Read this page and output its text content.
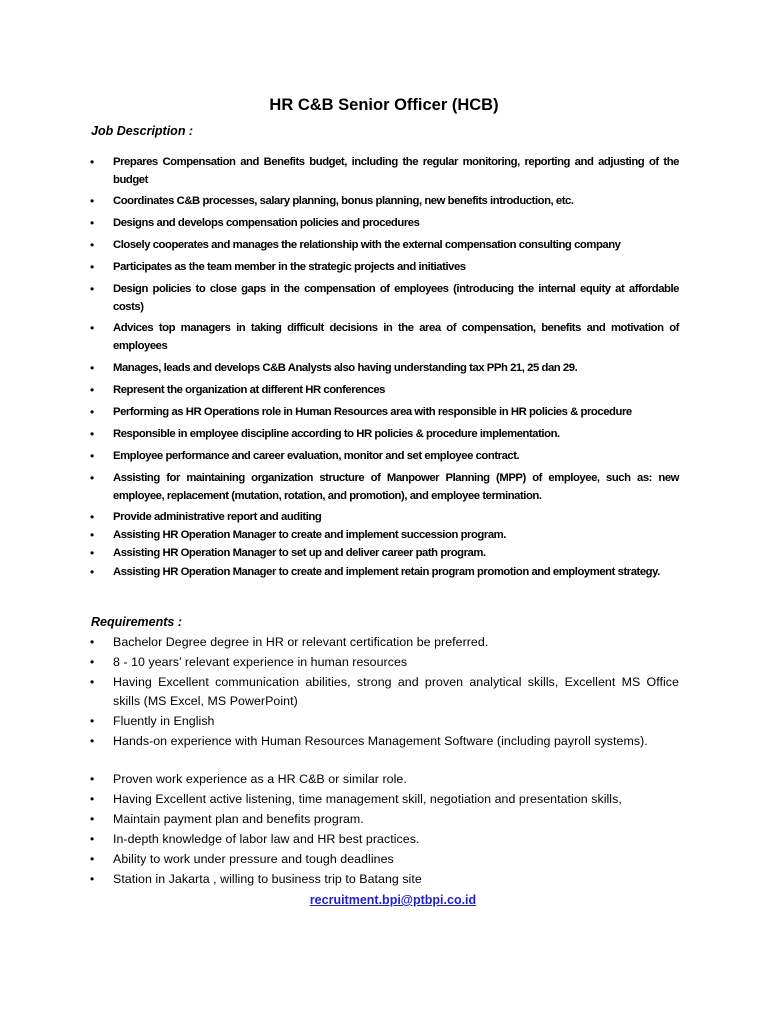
HR C&B Senior Officer (HCB)
Job Description :
• Prepares Compensation and Benefits budget, including the regular monitoring, reporting and adjusting of the budget
• Coordinates C&B processes, salary planning, bonus planning, new benefits introduction, etc.
• Designs and develops compensation policies and procedures
• Closely cooperates and manages the relationship with the external compensation consulting company
• Participates as the team member in the strategic projects and initiatives
• Design policies to close gaps in the compensation of employees (introducing the internal equity at affordable costs)
• Advices top managers in taking difficult decisions in the area of compensation, benefits and motivation of employees
• Manages, leads and develops C&B Analysts also having understanding tax PPh 21, 25 dan 29.
• Represent the organization at different HR conferences
• Performing as HR Operations role in Human Resources area with responsible in HR policies & procedure
• Responsible in employee discipline according to HR policies & procedure implementation.
• Employee performance and career evaluation, monitor and set employee contract.
• Assisting for maintaining organization structure of Manpower Planning (MPP) of employee, such as: new employee, replacement (mutation, rotation, and promotion), and employee termination.
• Provide administrative report and auditing
• Assisting HR Operation Manager to create and implement succession program.
• Assisting HR Operation Manager to set up and deliver career path program.
• Assisting HR Operation Manager to create and implement retain program promotion and employment strategy.
Requirements :
• Bachelor Degree degree in HR or relevant certification be preferred.
• 8 - 10 years’ relevant experience in human resources
• Having Excellent communication abilities, strong and proven analytical skills, Excellent MS Office skills (MS Excel, MS PowerPoint)
• Fluently in English
• Hands-on experience with Human Resources Management Software (including payroll systems).
• Proven work experience as a HR C&B or similar role.
• Having Excellent active listening, time management skill, negotiation and presentation skills,
• Maintain payment plan and benefits program.
• In-depth knowledge of labor law and HR best practices.
• Ability to work under pressure and tough deadlines
• Station in Jakarta , willing to business trip to Batang site
recruitment.bpi@ptbpi.co.id
